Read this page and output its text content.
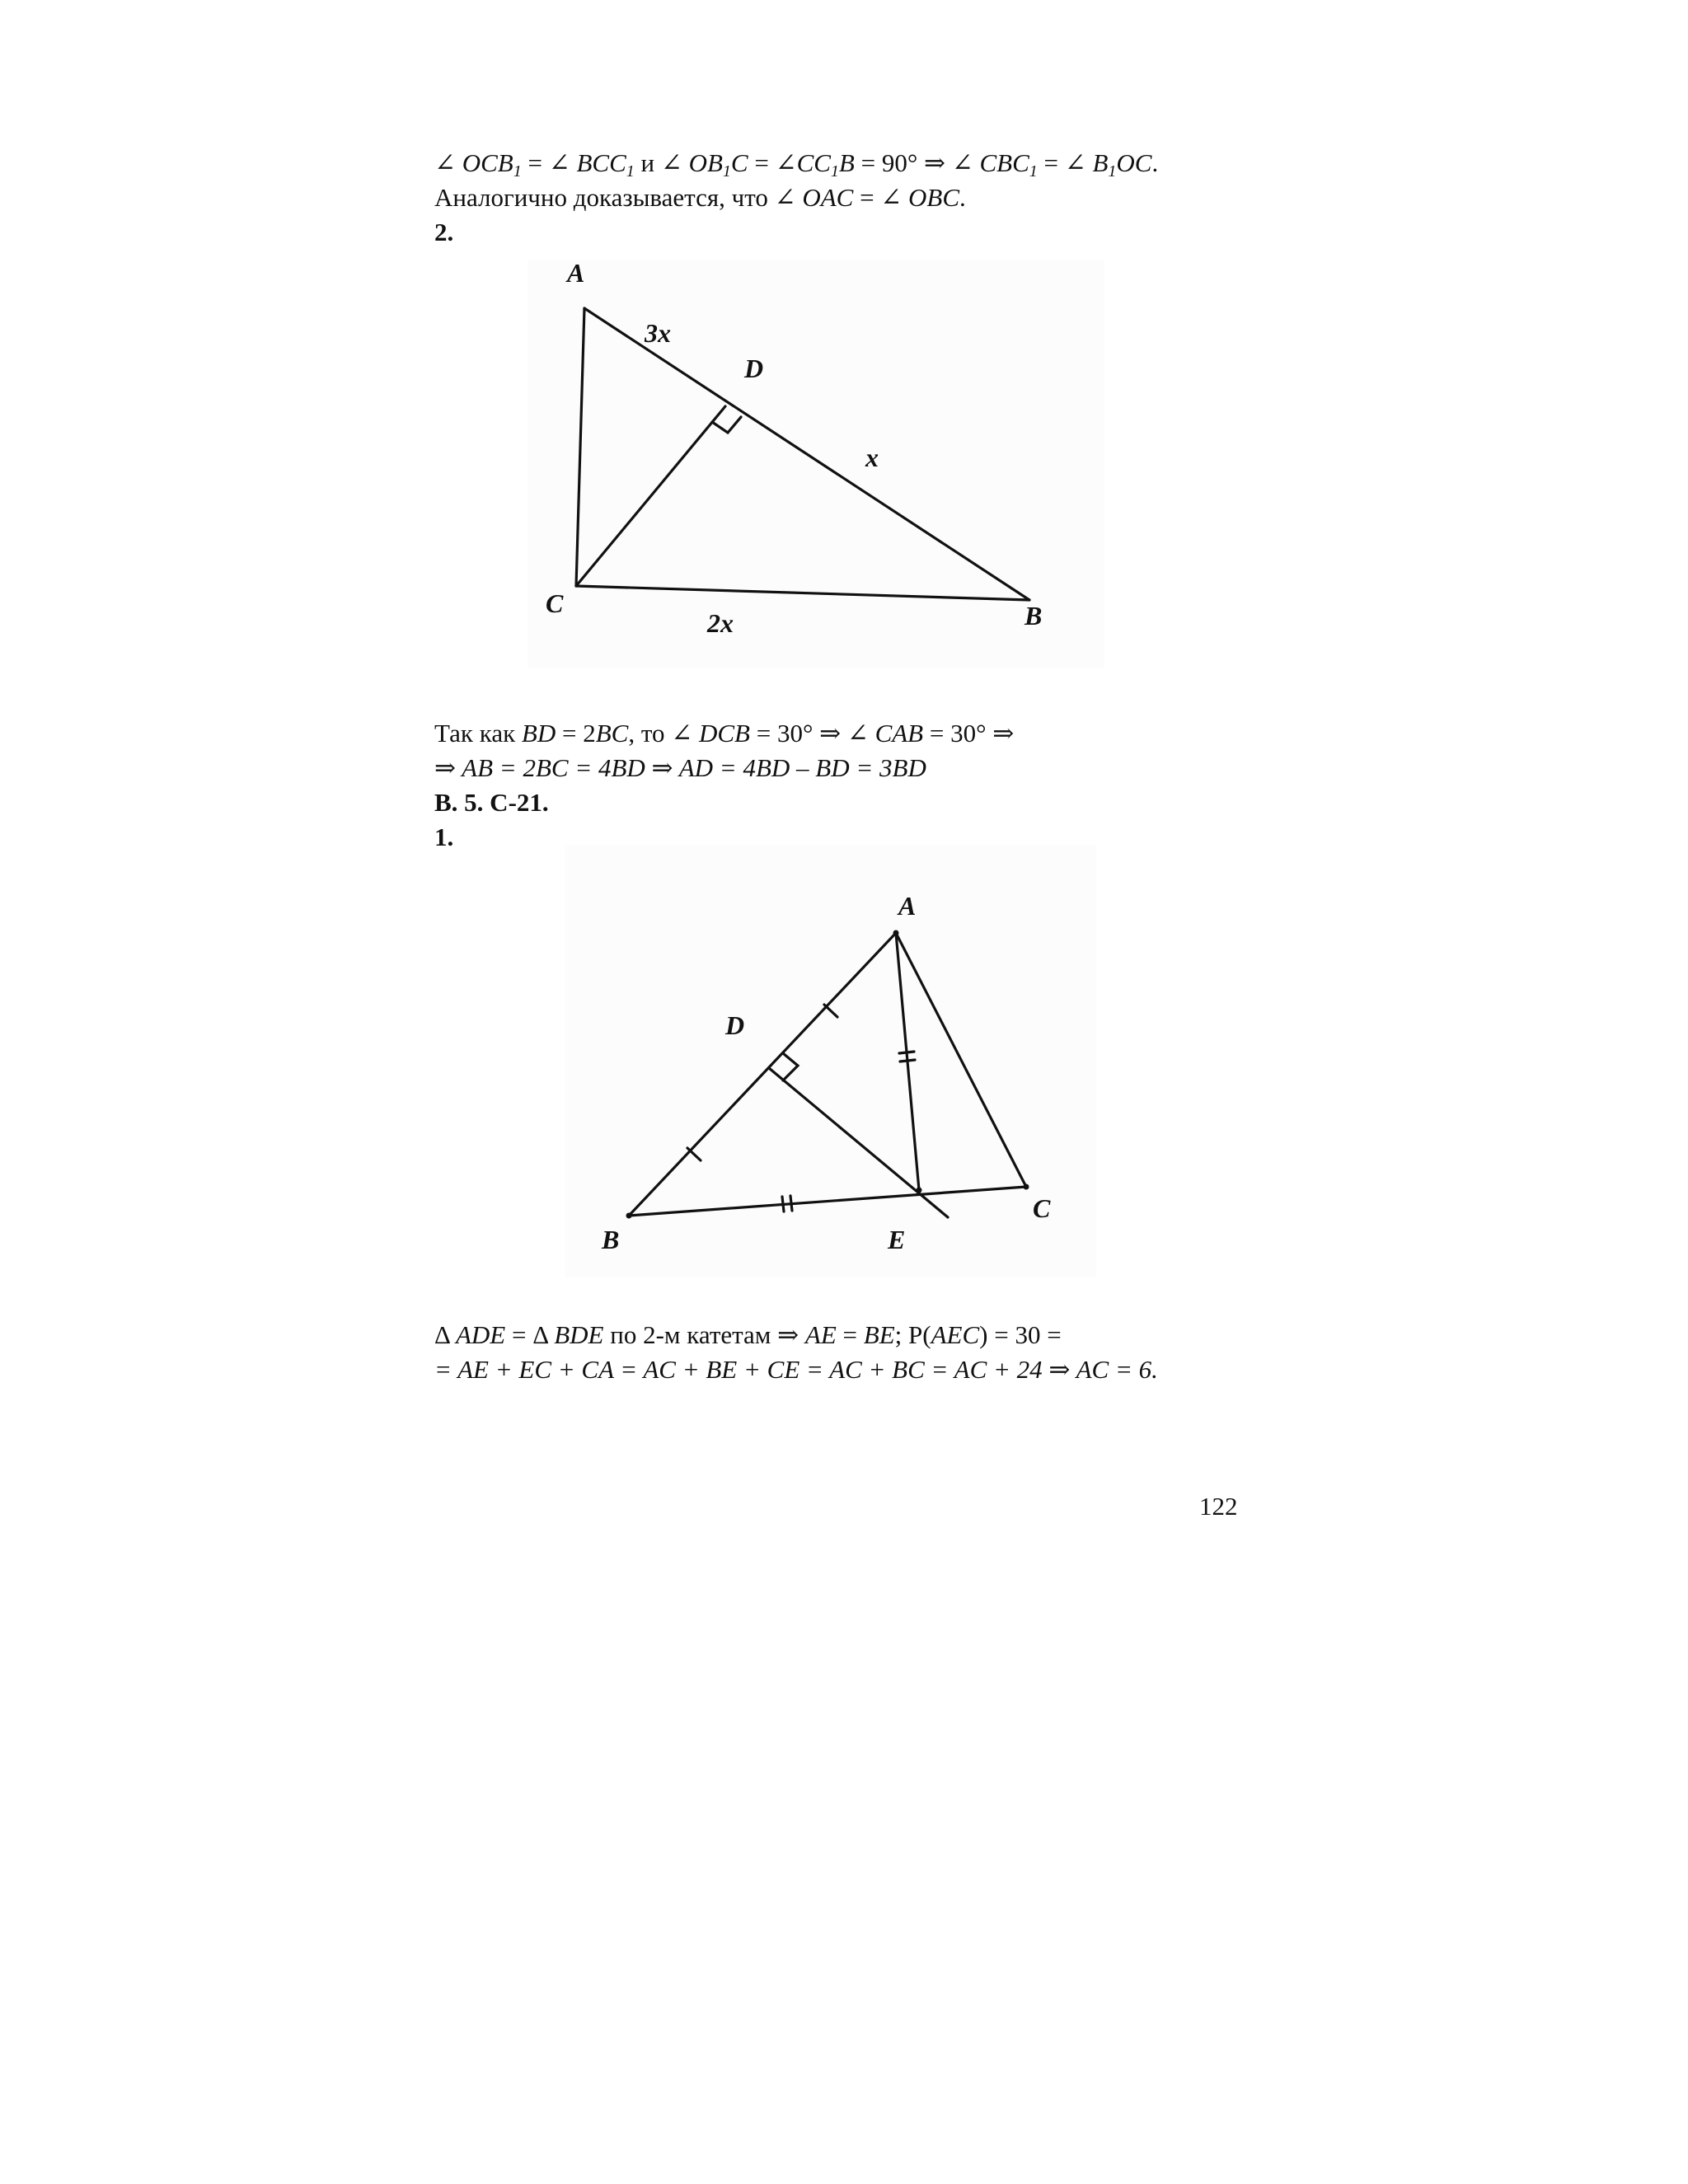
∠ $OCB_1$ = ∠ $BCC_1$ и ∠ $OB_1C$ = $\angle CC_1B = 90^\circ$ ⇒ ∠ $CBC_1$ = ∠ $B_1OC$.
Аналогично доказывается, что ∠ OAC = ∠ OBC.
2.
A
3x
D
x
C
2x	B
Так как BD = 2BC, то ∠ DCB = 30° ⇒ ∠ CAB = 30° ⇒
⇒ AB = 2BC = 4BD ⇒ AD = 4BD – BD = 3BD
В. 5. С-21.
1.
A
D
B	E
C
Δ ADE = Δ BDE по 2-м катетам ⇒ AE = BE; P(AEC) = 30 =
= AE + EC + CA = AC + BE + CE = AC + BC = AC + 24 ⇒ AC = 6.
122
